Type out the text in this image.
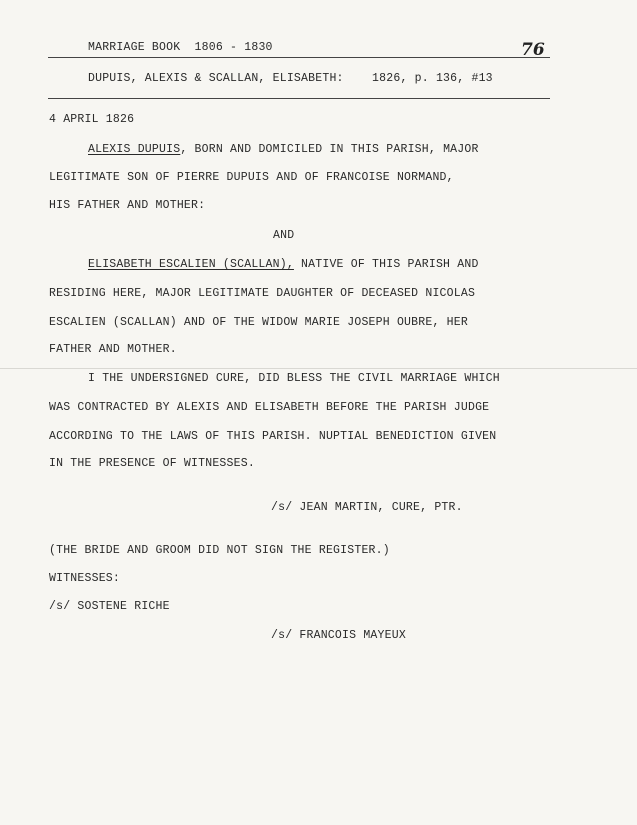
MARRIAGE BOOK 1806 - 1830	76
DUPUIS, ALEXIS & SCALLAN, ELISABETH: 1826, p. 136, #13
4 APRIL 1826
ALEXIS DUPUIS, BORN AND DOMICILED IN THIS PARISH, MAJOR
LEGITIMATE SON OF PIERRE DUPUIS AND OF FRANCOISE NORMAND,
HIS FATHER AND MOTHER:
AND
ELISABETH ESCALIEN (SCALLAN), NATIVE OF THIS PARISH AND
RESIDING HERE, MAJOR LEGITIMATE DAUGHTER OF DECEASED NICOLAS
ESCALIEN (SCALLAN) AND OF THE WIDOW MARIE JOSEPH OUBRE, HER
FATHER AND MOTHER.
I THE UNDERSIGNED CURE, DID BLESS THE CIVIL MARRIAGE WHICH
WAS CONTRACTED BY ALEXIS AND ELISABETH BEFORE THE PARISH JUDGE
ACCORDING TO THE LAWS OF THIS PARISH. NUPTIAL BENEDICTION GIVEN
IN THE PRESENCE OF WITNESSES.
/s/ JEAN MARTIN, CURE, PTR.
(THE BRIDE AND GROOM DID NOT SIGN THE REGISTER.)
WITNESSES:
/s/ SOSTENE RICHE
/s/ FRANCOIS MAYEUX
